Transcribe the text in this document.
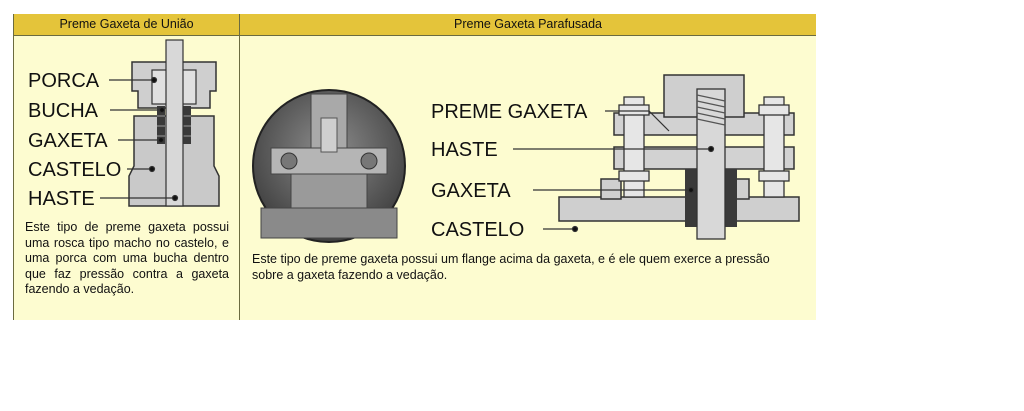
Preme Gaxeta de União	Preme Gaxeta Parafusada
PORCA
BUCHA
GAXETA
CASTELO
HASTE
Este tipo de preme gaxeta possui uma rosca tipo macho no castelo, e uma porca com uma bucha dentro que faz pressão contra a gaxeta fazendo a vedação.
PREME GAXETA
HASTE
GAXETA
CASTELO
Este tipo de preme gaxeta possui um flange acima da gaxeta, e é ele quem exerce a pressão sobre a gaxeta fazendo a vedação.
